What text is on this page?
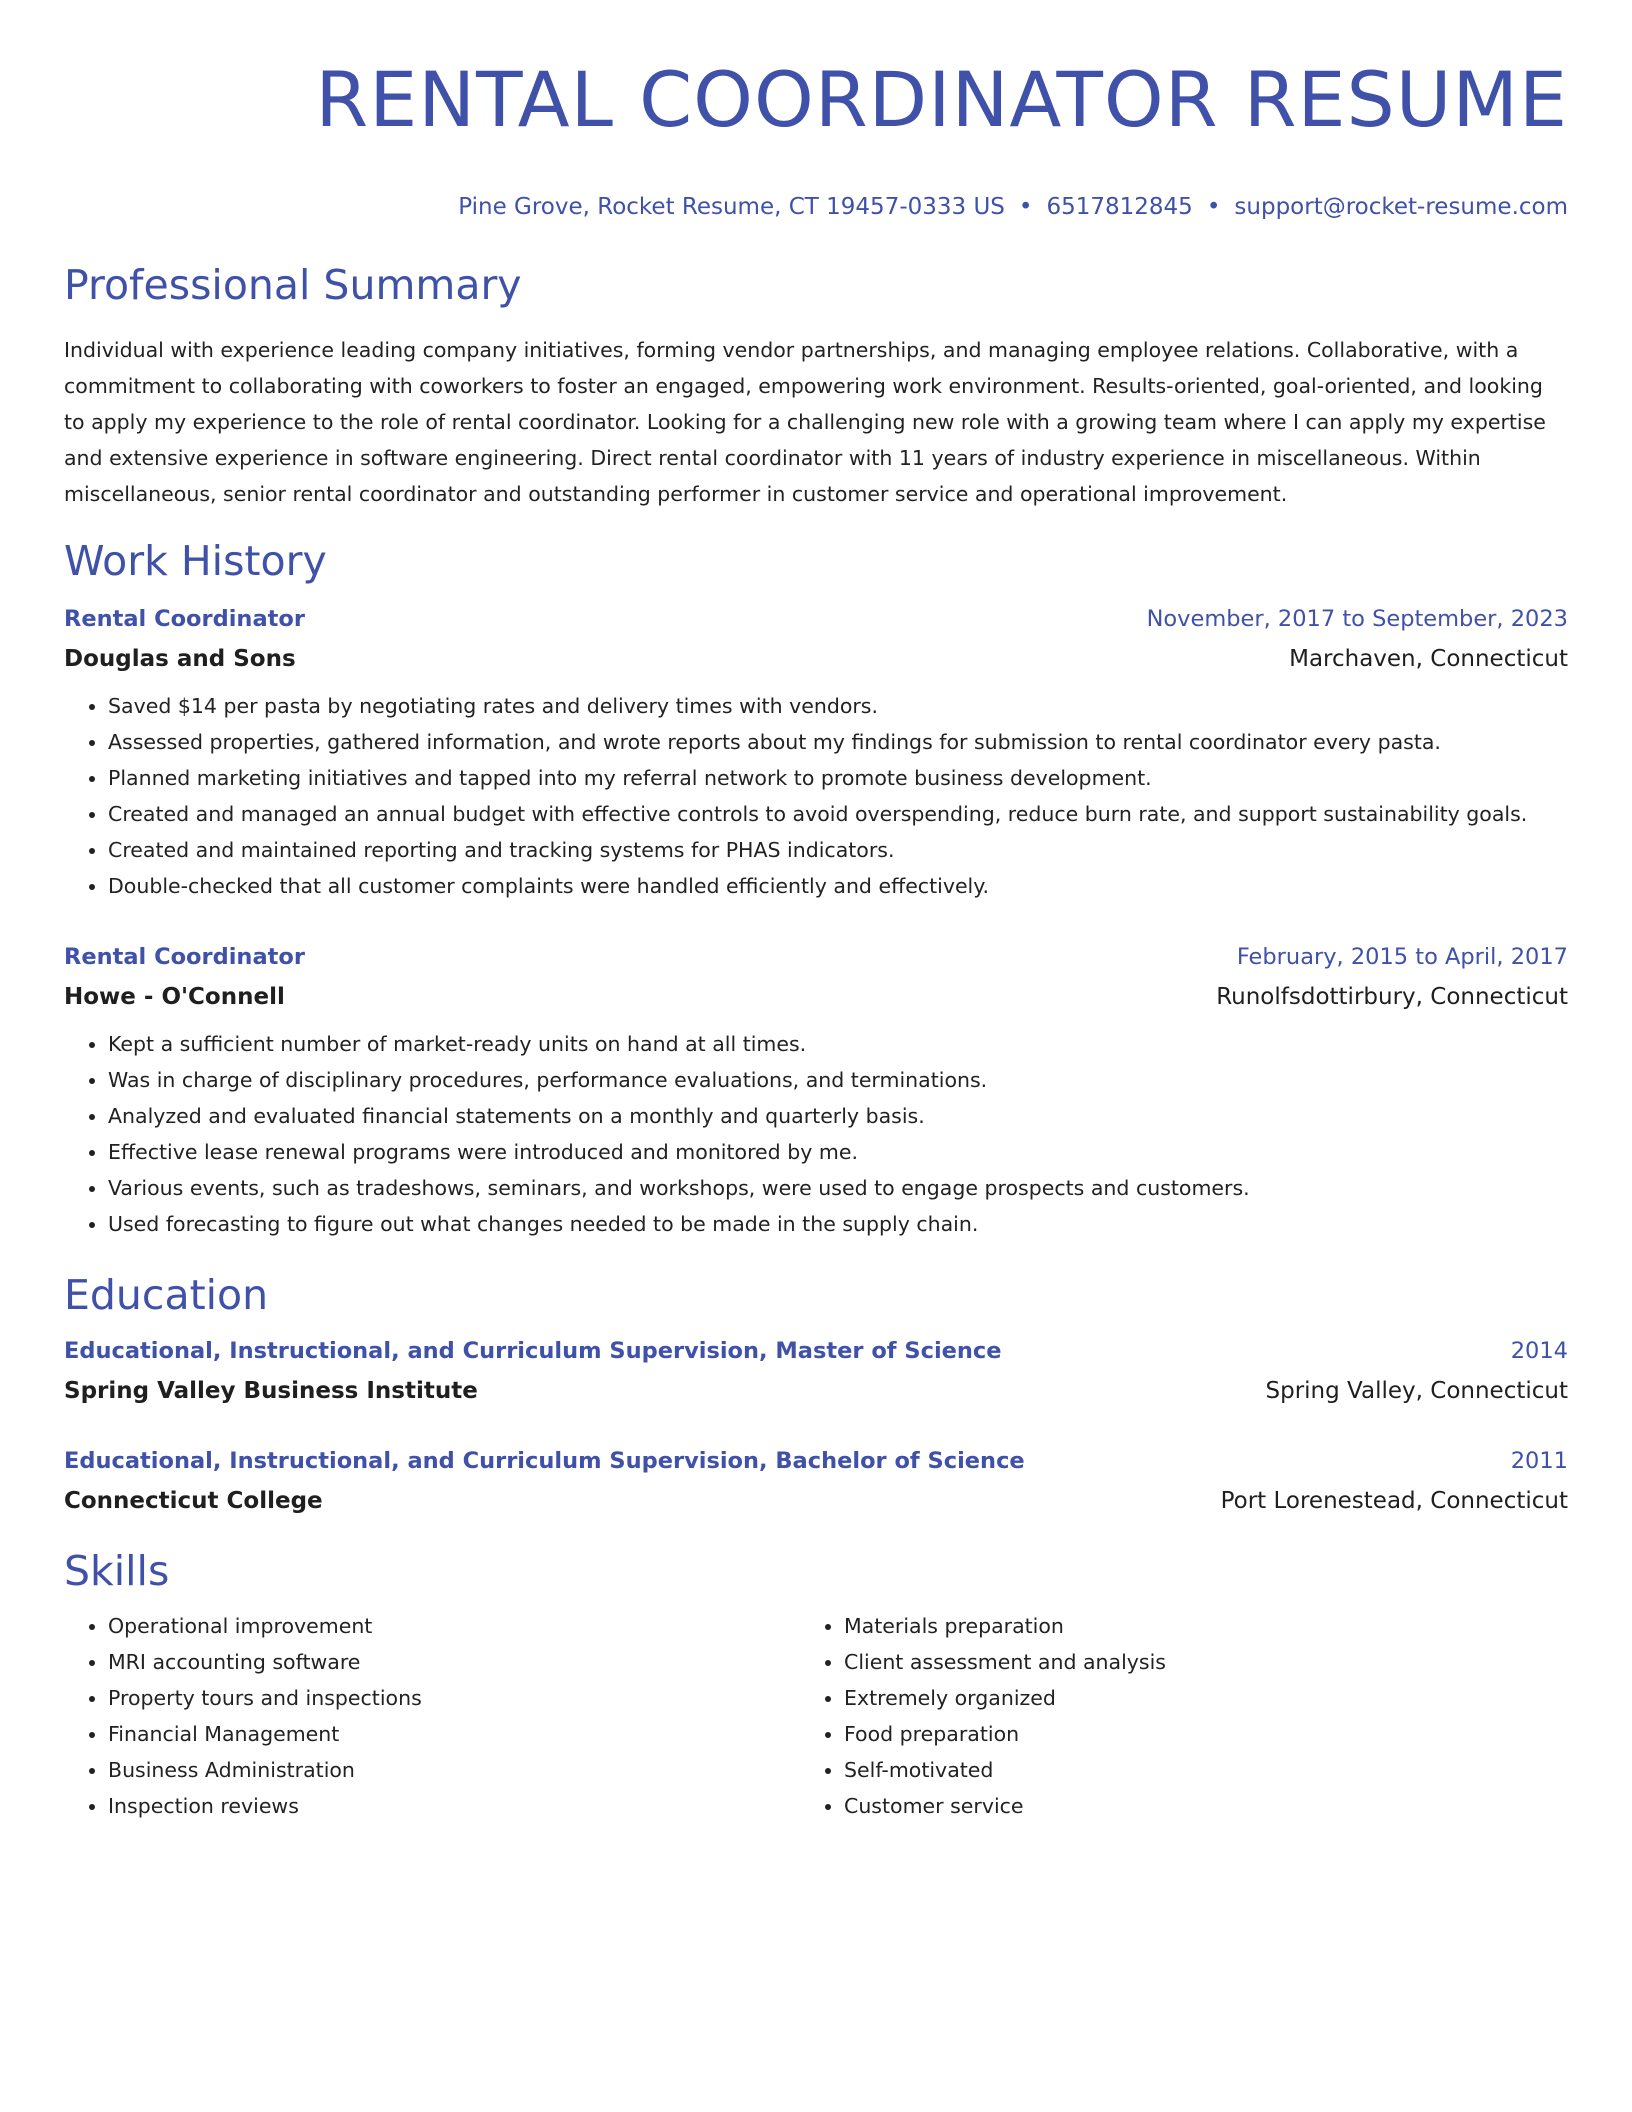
RENTAL COORDINATOR RESUME
Pine Grove, Rocket Resume, CT 19457-0333 US • 6517812845 • support@rocket-resume.com
Professional Summary
Individual with experience leading company initiatives, forming vendor partnerships, and managing employee relations. Collaborative, with a commitment to collaborating with coworkers to foster an engaged, empowering work environment. Results-oriented, goal-oriented, and looking to apply my experience to the role of rental coordinator. Looking for a challenging new role with a growing team where I can apply my expertise and extensive experience in software engineering. Direct rental coordinator with 11 years of industry experience in miscellaneous. Within miscellaneous, senior rental coordinator and outstanding performer in customer service and operational improvement.
Work History
Rental Coordinator	November, 2017 to September, 2023
Douglas and Sons	Marchaven, Connecticut
• Saved $14 per pasta by negotiating rates and delivery times with vendors.
• Assessed properties, gathered information, and wrote reports about my findings for submission to rental coordinator every pasta.
• Planned marketing initiatives and tapped into my referral network to promote business development.
• Created and managed an annual budget with effective controls to avoid overspending, reduce burn rate, and support sustainability goals.
• Created and maintained reporting and tracking systems for PHAS indicators.
• Double-checked that all customer complaints were handled efficiently and effectively.
Rental Coordinator	February, 2015 to April, 2017
Howe - O'Connell	Runolfsdottirbury, Connecticut
• Kept a sufficient number of market-ready units on hand at all times.
• Was in charge of disciplinary procedures, performance evaluations, and terminations.
• Analyzed and evaluated financial statements on a monthly and quarterly basis.
• Effective lease renewal programs were introduced and monitored by me.
• Various events, such as tradeshows, seminars, and workshops, were used to engage prospects and customers.
• Used forecasting to figure out what changes needed to be made in the supply chain.
Education
Educational, Instructional, and Curriculum Supervision, Master of Science	2014
Spring Valley Business Institute	Spring Valley, Connecticut
Educational, Instructional, and Curriculum Supervision, Bachelor of Science	2011
Connecticut College	Port Lorenestead, Connecticut
Skills
• Operational improvement
• MRI accounting software
• Property tours and inspections
• Financial Management
• Business Administration
• Inspection reviews
• Materials preparation
• Client assessment and analysis
• Extremely organized
• Food preparation
• Self-motivated
• Customer service
